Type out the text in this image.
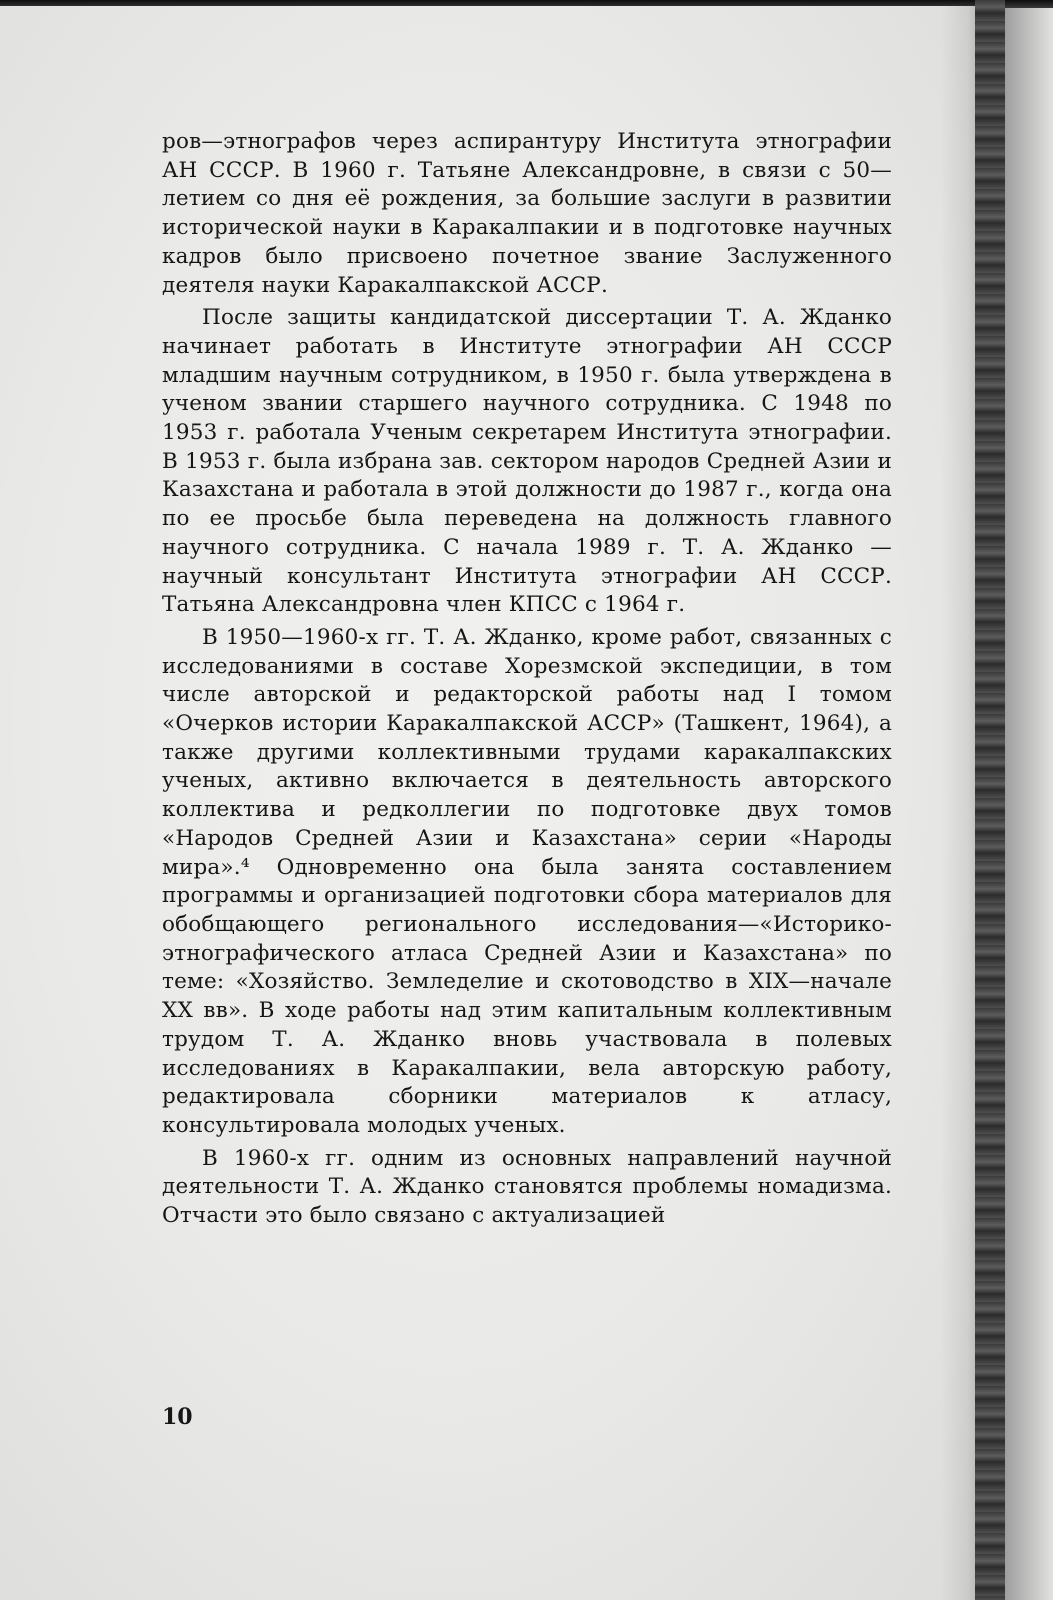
ров—этнографов через аспирантуру Института этнографии АН СССР. В 1960 г. Татьяне Александровне, в связи с 50—летием со дня её рождения, за большие заслуги в развитии исторической науки в Каракалпакии и в подготовке научных кадров было присвоено почетное звание Заслуженного деятеля науки Каракалпакской АССР.

После защиты кандидатской диссертации Т. А. Жданко начинает работать в Институте этнографии АН СССР младшим научным сотрудником, в 1950 г. была утверждена в ученом звании старшего научного сотрудника. С 1948 по 1953 г. работала Ученым секретарем Института этнографии. В 1953 г. была избрана зав. сектором народов Средней Азии и Казахстана и работала в этой должности до 1987 г., когда она по ее просьбе была переведена на должность главного научного сотрудника. С начала 1989 г. Т. А. Жданко — научный консультант Института этнографии АН СССР. Татьяна Александровна член КПСС с 1964 г.

В 1950—1960-х гг. Т. А. Жданко, кроме работ, связанных с исследованиями в составе Хорезмской экспедиции, в том числе авторской и редакторской работы над I томом «Очерков истории Каракалпакской АССР» (Ташкент, 1964), а также другими коллективными трудами каракалпакских ученых, активно включается в деятельность авторского коллектива и редколлегии по подготовке двух томов «Народов Средней Азии и Казахстана» серии «Народы мира».⁴ Одновременно она была занята составлением программы и организацией подготовки сбора материалов для обобщающего регионального исследования—«Историко-этнографического атласа Средней Азии и Казахстана» по теме: «Хозяйство. Земледелие и скотоводство в XIX—начале XX вв». В ходе работы над этим капитальным коллективным трудом Т. А. Жданко вновь участвовала в полевых исследованиях в Каракалпакии, вела авторскую работу, редактировала сборники материалов к атласу, консультировала молодых ученых.

В 1960-х гг. одним из основных направлений научной деятельности Т. А. Жданко становятся проблемы номадизма. Отчасти это было связано с актуализацией

10
